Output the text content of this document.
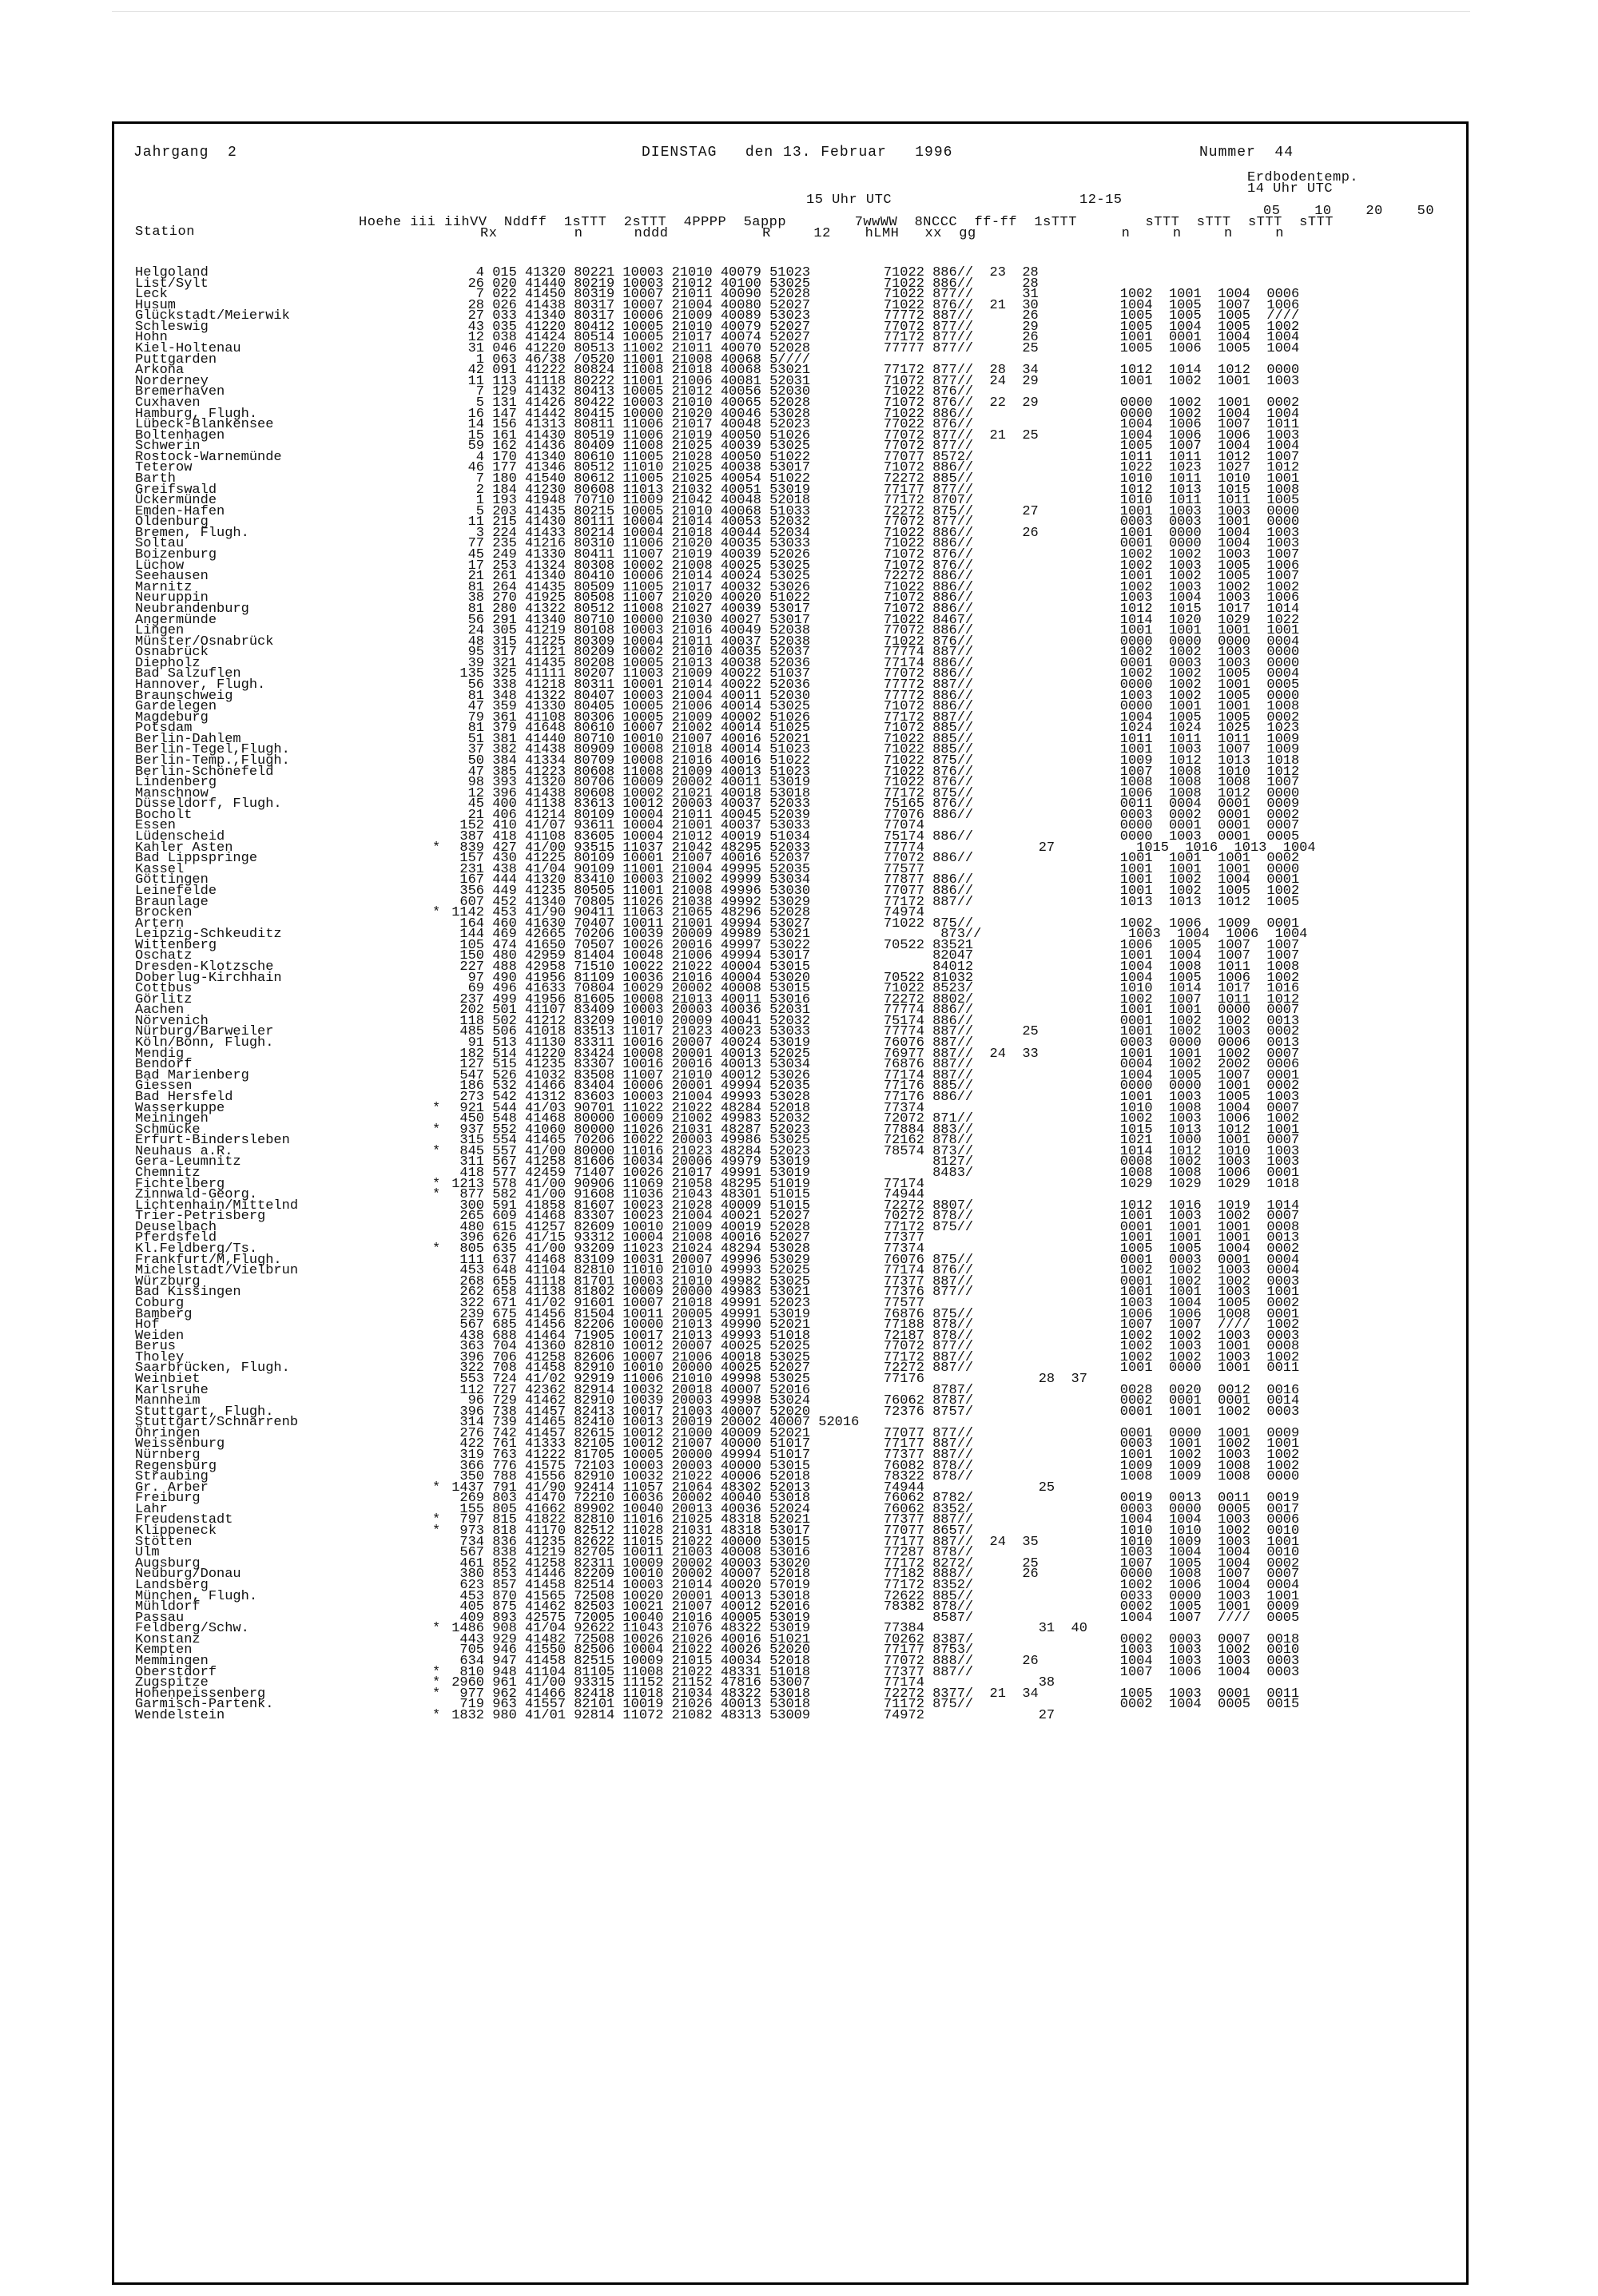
Jahrgang  2	DIENSTAG   den 13. Februar   1996	Nummer  44
Erdbodentemp.
15 Uhr UTC	12-15
14 Uhr UTC
05    10    20    50
Station
Hoehe iii iihVV  Nddff  1sTTT  2sTTT  4PPPP  5appp        7wwWW  8NCCC  ff-ff  1sTTT        sTTT  sTTT  sTTT  sTTT
Rx         n      nddd           R     12    hLMH   xx  gg                 n     n     n     n
Helgoland	4 015 41320 80221 10003 21010 40079 51023         71022 886//  23  28
List/Sylt	26 020 41440 80219 10003 21012 40100 53025         71022 886//      28
Leck	7 022 41450 80319 10007 21011 40090 52028         71022 877//      31          1002  1001  1004  0006
Husum	28 026 41438 80317 10007 21004 40080 52027         71022 876//  21  30          1004  1005  1007  1006
Glückstadt/Meierwik	27 033 41340 80317 10006 21009 40089 53023         77772 887//      26          1005  1005  1005  ////
Schleswig	43 035 41220 80412 10005 21010 40079 52027         77072 877//      29          1005  1004  1005  1002
Hohn	12 038 41424 80514 10005 21017 40074 52027         77172 877//      26          1001  0001  1004  1004
Kiel-Holtenau	31 046 41220 80513 11002 21011 40070 52028         77777 877//      25          1005  1006  1005  1004
Puttgarden	1 063 46/38 /0520 11001 21008 40068 5////
Arkona	42 091 41222 80824 11008 21018 40068 53021         77172 877//  28  34          1012  1014  1012  0000
Norderney	11 113 41118 80222 11001 21006 40081 52031         71072 877//  24  29          1001  1002  1001  1003
Bremerhaven	7 129 41432 80413 10005 21012 40056 52030         71022 876//
Cuxhaven	5 131 41426 80422 10003 21010 40065 52028         71072 876//  22  29          0000  1002  1001  0002
Hamburg, Flugh.	16 147 41442 80415 10000 21020 40046 53028         71022 886//                  0000  1002  1004  1004
Lübeck-Blankensee	14 156 41313 80811 11006 21017 40048 52023         77022 876//                  1004  1006  1007  1011
Boltenhagen	15 161 41430 80519 11006 21019 40050 51026         77072 877//  21  25          1004  1006  1006  1003
Schwerin	59 162 41436 80409 11008 21025 40039 53025         77072 877//                  1005  1007  1004  1004
Rostock-Warnemünde	4 170 41340 80610 11005 21028 40050 51022         77077 8572/                  1011  1011  1012  1007
Teterow	46 177 41346 80512 11010 21025 40038 53017         71072 886//                  1022  1023  1027  1012
Barth	7 180 41540 80612 11005 21025 40054 51022         72272 885//                  1010  1011  1010  1001
Greifswald	2 184 41230 80608 11013 21032 40051 53019         77177 877//                  1012  1013  1015  1008
Ückermünde	1 193 41948 70710 11009 21042 40048 52018         77172 8707/                  1010  1011  1011  1005
Emden-Hafen	5 203 41435 80215 10005 21010 40068 51033         72272 875//      27          1001  1003  1003  0000
Oldenburg	11 215 41430 80111 10004 21014 40053 52032         77072 877//                  0003  0003  1001  0000
Bremen, Flugh.	3 224 41433 80214 10004 21018 40044 52034         71022 886//      26          1001  0000  1004  1003
Soltau	77 235 41216 80310 11006 21020 40035 53033         71022 886//                  0001  0000  1004  1003
Boizenburg	45 249 41330 80411 11007 21019 40039 52026         71072 876//                  1002  1002  1003  1007
Lüchow	17 253 41324 80308 10002 21008 40025 53025         71072 876//                  1002  1003  1005  1006
Seehausen	21 261 41340 80410 10006 21014 40024 53025         72272 886//                  1001  1002  1005  1007
Marnitz	81 264 41435 80509 11005 21017 40032 53026         71022 886//                  1002  1003  1002  1002
Neuruppin	38 270 41925 80508 11007 21020 40020 51022         71072 886//                  1003  1004  1003  1006
Neubrandenburg	81 280 41322 80512 11008 21027 40039 53017         71072 886//                  1012  1015  1017  1014
Angermünde	56 291 41340 80710 10000 21030 40027 53017         71022 8467/                  1014  1020  1029  1022
Lingen	24 305 41219 80108 10003 21016 40049 52038         77072 886//                  1001  1001  1001  1001
Münster/Osnabrück	48 315 41225 80309 10004 21011 40037 52038         71022 876//                  0000  0000  0000  0004
Osnabrück	95 317 41121 80209 10002 21010 40035 52037         77774 887//                  1002  1002  1003  0000
Diepholz	39 321 41435 80208 10005 21013 40038 52036         77174 886//                  0001  0003  1003  0000
Bad Salzuflen	135 325 41111 80207 11003 21009 40022 51037         77072 886//                  1002  1002  1005  0004
Hannover, Flugh.	56 338 41218 80311 10001 21014 40022 52036         77772 887//                  0000  1002  1001  0005
Braunschweig	81 348 41322 80407 10003 21004 40011 52030         77772 886//                  1003  1002  1005  0000
Gardelegen	47 359 41330 80405 10005 21006 40014 53025         71072 886//                  0000  1001  1001  1008
Magdeburg	79 361 41108 80306 10005 21009 40002 51026         77172 887//                  1004  1005  1005  0002
Potsdam	81 379 41648 80610 10007 21002 40014 51025         71072 885//                  1024  1024  1025  1023
Berlin-Dahlem	51 381 41440 80710 10010 21007 40016 52021         71022 885//                  1011  1011  1011  1009
Berlin-Tegel,Flugh.	37 382 41438 80909 10008 21018 40014 51023         71022 885//                  1001  1003  1007  1009
Berlin-Temp.,Flugh.	50 384 41334 80709 10008 21016 40016 51022         71022 875//                  1009  1012  1013  1018
Berlin-Schönefeld	47 385 41223 80608 11008 21009 40013 51023         71022 876//                  1007  1008  1010  1012
Lindenberg	98 393 41320 80706 10009 20002 40011 53019         71022 876//                  1008  1008  1008  1007
Manschnow	12 396 41438 80608 10002 21021 40018 53018         77172 875//                  1006  1008  1012  0000
Düsseldorf, Flugh.	45 400 41138 83613 10012 20003 40037 52033         75165 876//                  0011  0004  0001  0009
Bocholt	21 406 41214 80109 10004 21011 40045 52039         77076 886//                  0003  0002  0001  0002
Essen	152 410 41/07 93611 10004 21001 40037 53033         77074                        0000  0001  0001  0007
Lüdenscheid	387 418 41108 83605 10004 21012 40019 51034         75174 886//                  0000  1003  0001  0005
Kahler Asten	* 839 427 41/00 93515 11037 21042 48295 52033         77774              27          1015  1016  1013  1004
Bad Lippspringe	157 430 41225 80109 10001 21007 40016 52037         77072 886//                  1001  1001  1001  0002
Kassel	231 438 41/04 90109 11001 21004 49995 52035         77577                        1001  1001  1001  0000
Göttingen	167 444 41320 83410 10003 21002 49999 53034         77877 886//                  1001  1002  1004  0001
Leinefelde	356 449 41235 80505 11001 21008 49996 53030         77077 886//                  1001  1002  1005  1002
Braunlage	607 452 41340 70805 11026 21038 49992 53029         77172 887//                  1013  1013  1012  1005
Brocken	* 1142 453 41/90 90411 11063 21065 48296 52028         74974
Artern	164 460 41630 70407 10011 21001 49994 53027         71022 875//                  1002  1006  1009  0001
Leipzig-Schkeuditz	144 469 42665 70206 10039 20009 49989 53021                873//                  1003  1004  1006  1004
Wittenberg	105 474 41650 70507 10026 20016 49997 53022         70522 83521                  1006  1005  1007  1007
Oschatz	150 480 42959 81404 10048 21006 49994 53017               82047                  1001  1004  1007  1007
Dresden-Klotzsche	227 488 42958 71510 10022 21022 40004 53015               84012                  1004  1008  1011  1008
Doberlug-Kirchhain	97 490 41956 81109 10036 21016 40004 53020         70522 81032                  1004  1005  1006  1002
Cottbus	69 496 41633 70804 10029 20002 40008 53015         71022 8523/                  1010  1014  1017  1016
Görlitz	237 499 41956 81605 10008 21013 40011 53016         72272 8802/                  1002  1007  1011  1012
Aachen	202 501 41107 83409 10003 20003 40036 52031         77774 886//                  1001  1001  0000  0007
Nörvenich	118 502 41212 83209 10010 20009 40041 52032         75174 886//                  0001  1002  1002  0013
Nürburg/Barweiler	485 506 41018 83513 11017 21023 40023 53033         77774 887//      25          1001  1002  1003  0002
Köln/Bonn, Flugh.	91 513 41130 83311 10016 20007 40024 53019         76076 887//                  0003  0000  0006  0013
Mendig	182 514 41220 83424 10008 20001 40013 52025         76977 887//  24  33          1001  1001  1002  0007
Bendorf	127 515 41235 83307 10016 20016 40013 53034         76876 887//                  0004  1002  2002  0006
Bad Marienberg	547 526 41032 83508 11007 21010 40012 53026         77174 887//                  1004  1005  1007  0001
Giessen	186 532 41466 83404 10006 20001 49994 52035         77176 885//                  0000  0000  1001  0002
Bad Hersfeld	273 542 41312 83603 10003 21004 49993 53028         77176 886//                  1001  1003  1005  1003
Wasserkuppe	* 921 544 41/03 90701 11022 21022 48284 52018         77374                        1010  1008  1004  0007
Meiningen	450 548 41468 80000 10009 21002 49983 52032         72072 871//                  1002  1003  1006  1002
Schmücke	* 937 552 41060 80000 11026 21031 48287 52023         77884 883//                  1015  1013  1012  1001
Erfurt-Bindersleben	315 554 41465 70206 10022 20003 49986 53025         72162 878//                  1021  1000  1001  0007
Neuhaus a.R.	* 845 557 41/00 80000 11016 21023 48284 52023         78574 873//                  1014  1012  1010  1003
Gera-Leumnitz	311 567 41258 81606 10034 20006 49979 53019               8127/                  0008  1002  1003  1003
Chemnitz	418 577 42459 71407 10026 21017 49991 53019               8483/                  1008  1008  1006  0001
Fichtelberg	* 1213 578 41/00 90906 11069 21058 48295 51019         77174                        1029  1029  1029  1018
Zinnwald-Georg.	* 877 582 41/00 91608 11036 21043 48301 51015         74944
Lichtenhain/Mittelnd	300 591 41858 81607 10023 21028 40009 51015         72272 8807/                  1012  1016  1019  1014
Trier-Petrisberg	265 609 41468 83307 10023 21004 40021 52027         70272 878//                  1001  1003  1002  0007
Deuselbach	480 615 41257 82609 10010 21009 40019 52028         77172 875//                  0001  1001  1001  0008
Pferdsfeld	396 626 41/15 93312 10004 21008 40016 52027         77377                        1001  1001  1001  0013
Kl.Feldberg/Ts.	* 805 635 41/00 93209 11023 21024 48294 53028         77374                        1005  1005  1004  0002
Frankfurt/M,Flugh.	111 637 41468 83109 10031 20007 49996 53029         76076 875//                  0001  0003  0001  0004
Michelstadt/Vielbrun	453 648 41104 82810 11010 21010 49993 52025         77174 876//                  1002  1002  1003  0004
Würzburg	268 655 41118 81701 10003 21010 49982 53025         77377 887//                  0001  1002  1002  0003
Bad Kissingen	262 658 41138 81802 10009 20000 49983 53021         77376 877//                  1001  1001  1003  1001
Coburg	322 671 41/02 91601 10007 21018 49991 52023         77577                        1003  1004  1005  0002
Bamberg	239 675 41456 81504 10011 20005 49991 53019         76876 875//                  1006  1006  1008  0001
Hof	567 685 41456 82206 10000 21013 49990 52021         77188 878//                  1007  1007  ////  1002
Weiden	438 688 41464 71905 10017 21013 49993 51018         72187 878//                  1002  1002  1003  0003
Berus	363 704 41360 82810 10012 20007 40025 52025         77072 877//                  1002  1003  1001  0008
Tholey	396 706 41258 82606 10007 21006 40018 53025         77172 887//                  1002  1002  1003  1002
Saarbrücken, Flugh.	322 708 41458 82910 10010 20000 40025 52027         72272 887//                  1001  0000  1001  0011
Weinbiet	553 724 41/02 92919 11006 21010 49998 53025         77176              28  37
Karlsruhe	112 727 42362 82914 10032 20018 40007 52016               8787/                  0028  0020  0012  0016
Mannheim	96 729 41462 82910 10039 20003 49998 53024         76062 8787/                  0002  0001  0001  0014
Stuttgart, Flugh.	396 738 41457 82413 10017 21003 40007 52020         72376 8757/                  0001  1001  1002  0003
Stuttgart/Schnarrenb	314 739 41465 82410 10013 20019 20002 40007 52016
Öhringen	276 742 41457 82615 10012 21000 40009 52021         77077 877//                  0001  0000  1001  0009
Weissenburg	422 761 41333 82105 10012 21007 40000 51017         77177 887//                  0003  1001  1002  1001
Nürnberg	319 763 41222 81705 10005 20000 49994 51017         77377 887//                  1001  1002  1003  1002
Regensburg	366 776 41575 72103 10003 20003 40000 53015         76082 878//                  1009  1009  1008  1002
Straubing	350 788 41556 82910 10032 21022 40006 52018         78322 878//                  1008  1009  1008  0000
Gr. Arber	* 1437 791 41/90 92414 11057 21064 48302 52013         74944              25
Freiburg	269 803 41470 72210 10036 20002 40040 53018         76062 8782/                  0019  0013  0011  0019
Lahr	155 805 41662 89902 10040 20013 40036 52024         76062 8352/                  0003  0000  0005  0017
Freudenstadt	* 797 815 41822 82810 11016 21025 48318 52021         77377 887//                  1004  1004  1003  0006
Klippeneck	* 973 818 41170 82512 11028 21031 48318 53017         77077 8657/                  1010  1010  1002  0010
Stötten	734 836 41235 82622 11015 21022 40000 53015         77177 887//  24  35          1010  1009  1003  1001
Ulm	567 838 41219 82705 10011 21003 40008 53016         77287 878//                  1003  1004  1004  0010
Augsburg	461 852 41258 82311 10009 20002 40003 53020         77172 8272/      25          1007  1005  1004  0002
Neuburg/Donau	380 853 41446 82209 10010 20002 40007 52018         77182 888//      26          0000  1008  1007  0007
Landsberg	623 857 41458 82514 10003 21014 40020 57019         77172 8352/                  1002  1006  1004  0004
München, Flugh.	453 870 41565 72508 10020 20001 40013 53018         72622 885//                  0033  0000  1003  1001
Mühldorf	405 875 41462 82503 10021 21007 40012 52016         78382 878//                  0002  1005  1001  0009
Passau	409 893 42575 72005 10040 21016 40005 53019               8587/                  1004  1007  ////  0005
Feldberg/Schw.	* 1486 908 41/04 92622 11043 21076 48322 53019         77384              31  40
Konstanz	443 929 41482 72508 10026 21026 40016 51021         70262 8387/                  0002  0003  0007  0018
Kempten	705 946 41550 82506 10004 21022 40026 52020         77177 8753/                  1003  1003  1002  0010
Memmingen	634 947 41458 82515 10009 21015 40034 52018         77072 888//      26          1004  1003  1003  0003
Oberstdorf	* 810 948 41104 81105 11008 21022 48331 51018         77377 887//                  1007  1006  1004  0003
Zugspitze	* 2960 961 41/00 93315 11152 21152 47816 53007         77174              38
Hohenpeissenberg	* 977 962 41466 82418 11018 21034 48322 53018         72272 8377/  21  34          1005  1003  0001  0011
Garmisch-Partenk.	719 963 41557 82101 10019 21026 40013 53018         71172 875//                  0002  1004  0005  0015
Wendelstein	* 1832 980 41/01 92814 11072 21082 48313 53009         74972              27
